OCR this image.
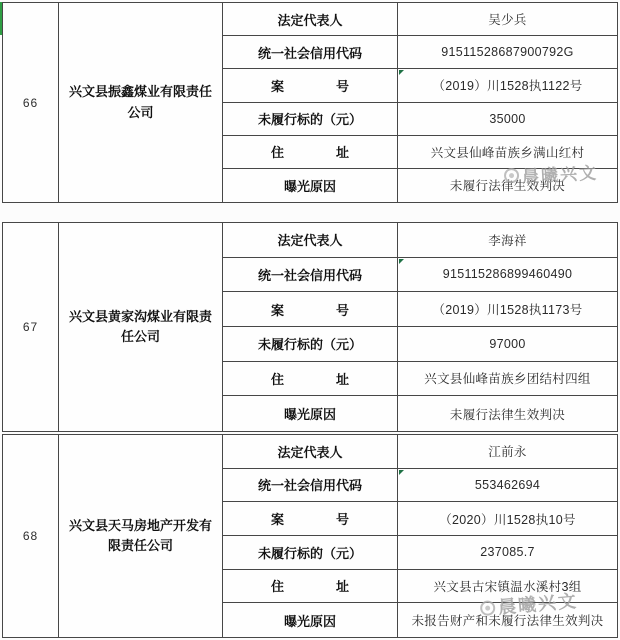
66
兴文县振鑫煤业有限责任公司
法定代表人	吴少兵
统一社会信用代码	91511528687900792G
案　　　　号	（2019）川1528执1122号
未履行标的（元）	35000
住　　　　址	兴文县仙峰苗族乡满山红村
曝光原因	未履行法律生效判决
67
兴文县黄家沟煤业有限责任公司
法定代表人	李海祥
统一社会信用代码	915115286899460490
案　　　　号	（2019）川1528执1173号
未履行标的（元）	97000
住　　　　址	兴文县仙峰苗族乡团结村四组
曝光原因	未履行法律生效判决
68
兴文县天马房地产开发有限责任公司
法定代表人	江前永
统一社会信用代码	553462694
案　　　　号	（2020）川1528执10号
未履行标的（元）	237085.7
住　　　　址	兴文县古宋镇温水溪村3组
曝光原因	未报告财产和未履行法律生效判决
晨曦兴文
晨曦兴文
